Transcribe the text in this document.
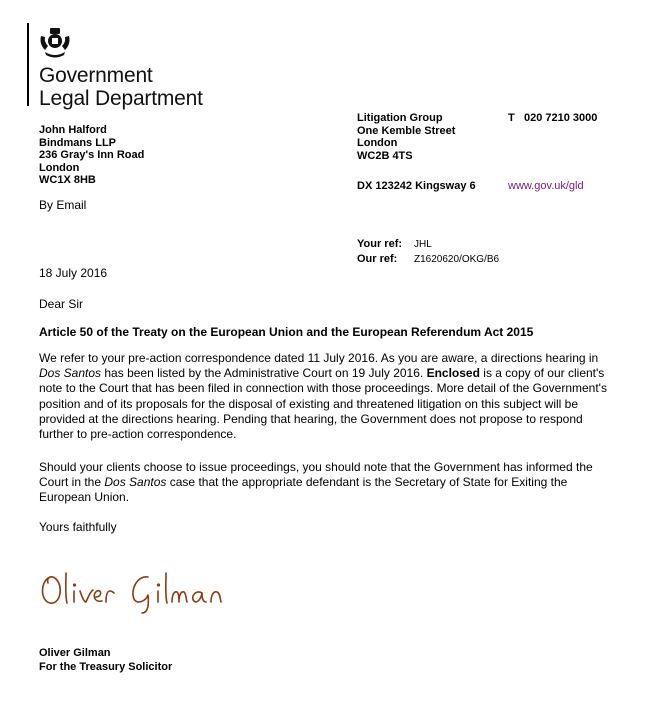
Government
Legal Department
John Halford
Bindmans LLP
236 Gray's Inn Road
London
WC1X 8HB
Litigation Group
One Kemble Street
London
WC2B 4TS
T 020 7210 3000
DX 123242 Kingsway 6	www.gov.uk/gld
By Email
Your ref: JHL
Our ref: Z1620620/OKG/B6
18 July 2016
Dear Sir
Article 50 of the Treaty on the European Union and the European Referendum Act 2015
We refer to your pre-action correspondence dated 11 July 2016. As you are aware, a directions hearing in Dos Santos has been listed by the Administrative Court on 19 July 2016. Enclosed is a copy of our client's note to the Court that has been filed in connection with those proceedings. More detail of the Government's position and of its proposals for the disposal of existing and threatened litigation on this subject will be provided at the directions hearing. Pending that hearing, the Government does not propose to respond further to pre-action correspondence.
Should your clients choose to issue proceedings, you should note that the Government has informed the Court in the Dos Santos case that the appropriate defendant is the Secretary of State for Exiting the European Union.
Yours faithfully
Oliver Gilman
For the Treasury Solicitor
